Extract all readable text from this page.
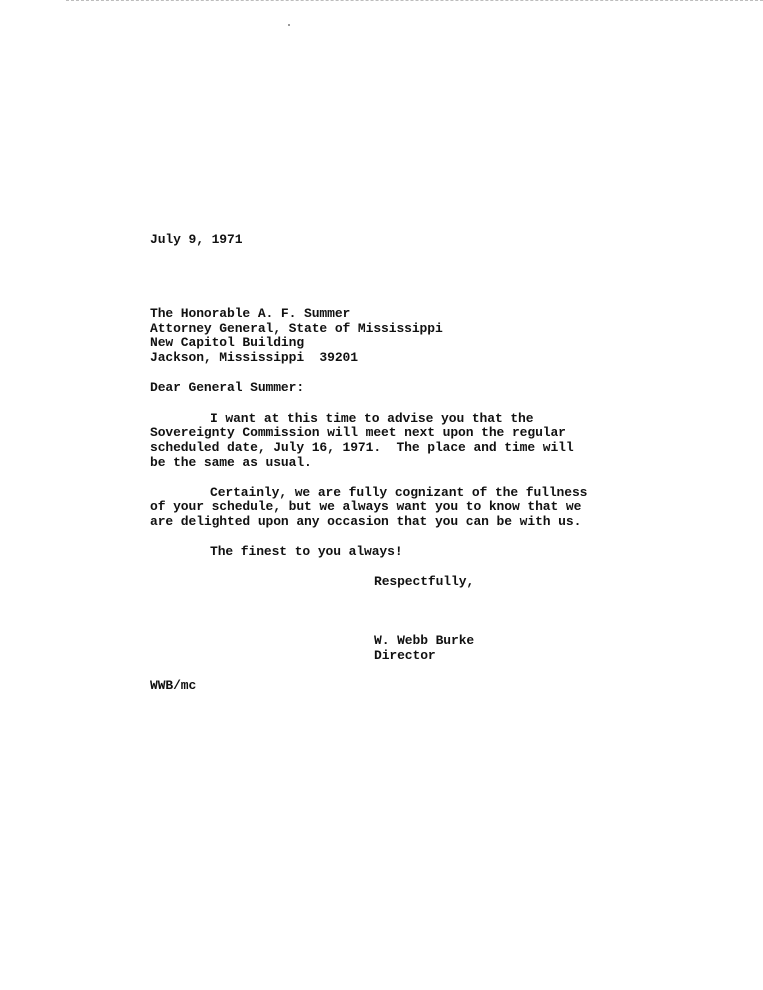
July 9, 1971
The Honorable A. F. Summer
Attorney General, State of Mississippi
New Capitol Building
Jackson, Mississippi  39201
Dear General Summer:
I want at this time to advise you that the
Sovereignty Commission will meet next upon the regular
scheduled date, July 16, 1971.  The place and time will
be the same as usual.
Certainly, we are fully cognizant of the fullness
of your schedule, but we always want you to know that we
are delighted upon any occasion that you can be with us.
The finest to you always!
Respectfully,
W. Webb Burke
Director
WWB/mc
